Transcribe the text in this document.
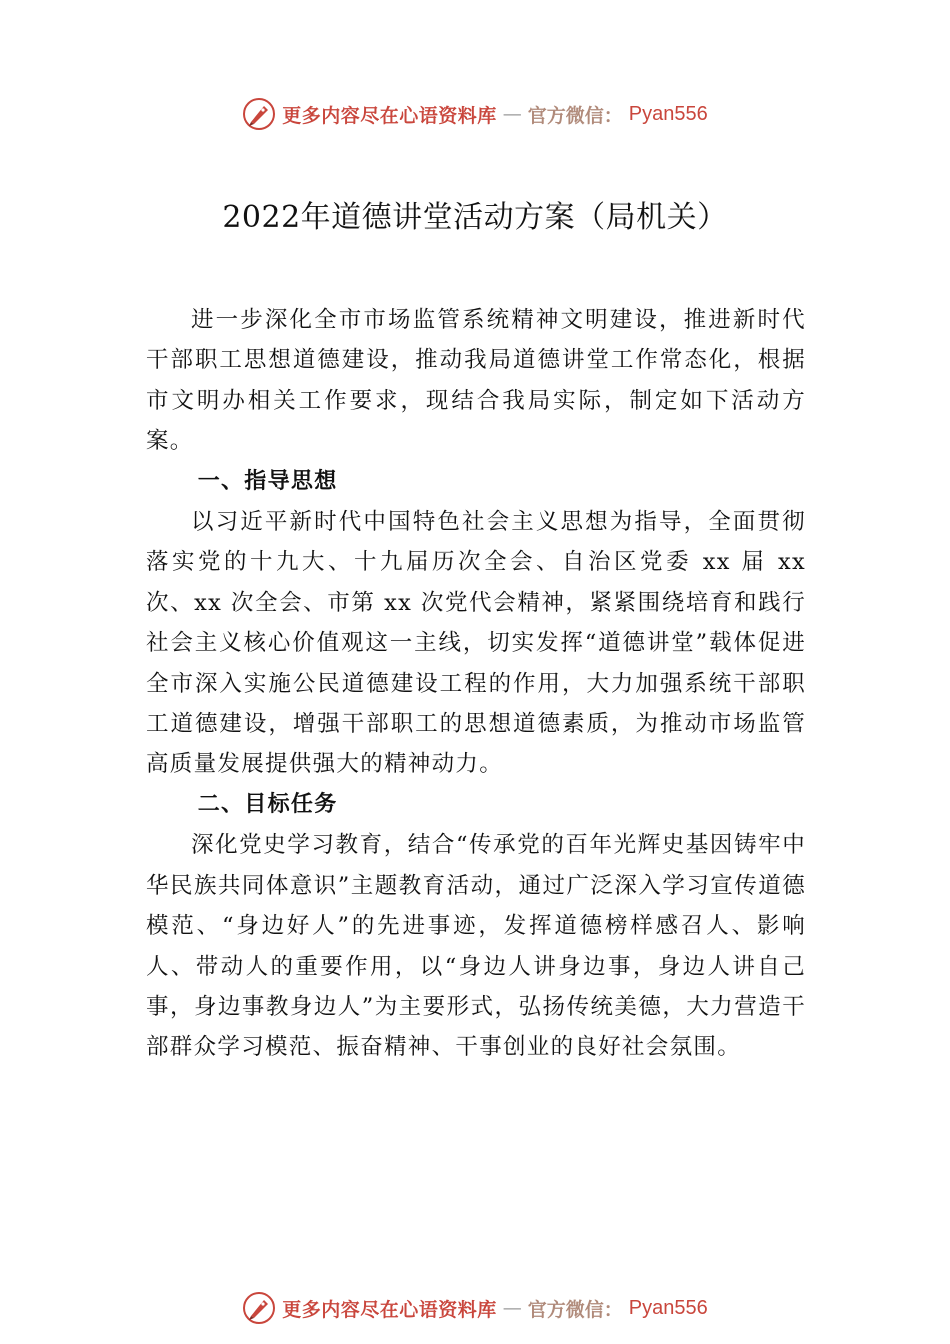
更多内容尽在心语资料库 — 官方微信： Pyan556
2022年道德讲堂活动方案（局机关）

进一步深化全市市场监管系统精神文明建设，推进新时代干部职工思想道德建设，推动我局道德讲堂工作常态化，根据市文明办相关工作要求，现结合我局实际，制定如下活动方案。

一、指导思想

以习近平新时代中国特色社会主义思想为指导，全面贯彻落实党的十九大、十九届历次全会、自治区党委 xx 届 xx 次、xx 次全会、市第 xx 次党代会精神，紧紧围绕培育和践行社会主义核心价值观这一主线，切实发挥“道德讲堂”载体促进全市深入实施公民道德建设工程的作用，大力加强系统干部职工道德建设，增强干部职工的思想道德素质，为推动市场监管高质量发展提供强大的精神动力。

二、目标任务

深化党史学习教育，结合“传承党的百年光辉史基因铸牢中华民族共同体意识”主题教育活动，通过广泛深入学习宣传道德模范、“身边好人”的先进事迹，发挥道德榜样感召人、影响人、带动人的重要作用，以“身边人讲身边事，身边人讲自己事，身边事教身边人”为主要形式，弘扬传统美德，大力营造干部群众学习模范、振奋精神、干事创业的良好社会氛围。

更多内容尽在心语资料库 — 官方微信： Pyan556
